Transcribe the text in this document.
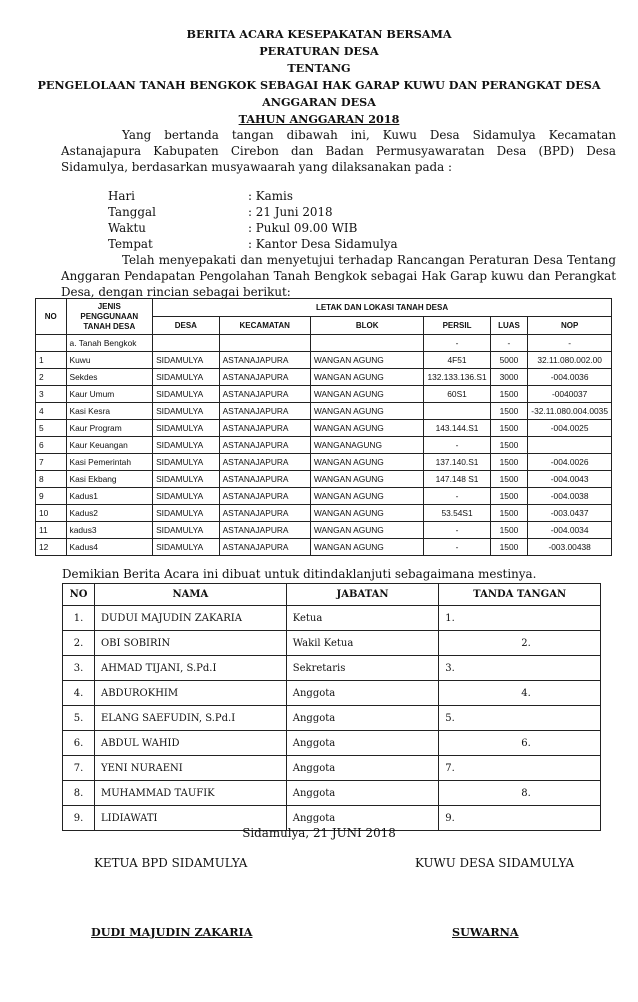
BERITA ACARA KESEPAKATAN BERSAMA
PERATURAN DESA
TENTANG
PENGELOLAAN TANAH BENGKOK SEBAGAI HAK GARAP KUWU DAN PERANGKAT DESA
ANGGARAN DESA
TAHUN ANGGARAN 2018
Yang bertanda tangan dibawah ini, Kuwu Desa Sidamulya Kecamatan Astanajapura Kabupaten Cirebon dan Badan Permusyawaratan Desa (BPD) Desa Sidamulya, berdasarkan musyawaarah yang dilaksanakan pada :
Hari	: Kamis
Tanggal	: 21 Juni 2018
Waktu	: Pukul 09.00 WIB
Tempat	: Kantor Desa Sidamulya
Telah menyepakati dan menyetujui terhadap Rancangan Peraturan Desa Tentang Anggaran Pendapatan Pengolahan Tanah Bengkok sebagai Hak Garap kuwu dan Perangkat Desa, dengan rincian sebagai berikut:
NO	JENIS PENGGUNAAN TANAH DESA	LETAK DAN LOKASI TANAH DESA					
		DESA	KECAMATAN	BLOK	PERSIL	LUAS	NOP
	a. Tanah Bengkok				-	-	-
1	Kuwu	SIDAMULYA	ASTANAJAPURA	WANGAN AGUNG	4F51	5000	32.11.080.002.00
2	Sekdes	SIDAMULYA	ASTANAJAPURA	WANGAN AGUNG	132.133.136.S1	3000	-004.0036
3	Kaur Umum	SIDAMULYA	ASTANAJAPURA	WANGAN AGUNG	60S1	1500	-0040037
4	Kasi Kesra	SIDAMULYA	ASTANAJAPURA	WANGAN AGUNG		1500	-32.11.080.004.0035
5	Kaur Program	SIDAMULYA	ASTANAJAPURA	WANGAN AGUNG	143.144.S1	1500	-004.0025
6	Kaur Keuangan	SIDAMULYA	ASTANAJAPURA	WANGANAGUNG	-	1500	
7	Kasi Pemerintah	SIDAMULYA	ASTANAJAPURA	WANGAN AGUNG	137.140.S1	1500	-004.0026
8	Kasi Ekbang	SIDAMULYA	ASTANAJAPURA	WANGAN AGUNG	147.148 S1	1500	-004.0043
9	Kadus1	SIDAMULYA	ASTANAJAPURA	WANGAN AGUNG	-	1500	-004.0038
10	Kadus2	SIDAMULYA	ASTANAJAPURA	WANGAN AGUNG	53.54S1	1500	-003.0437
11	kadus3	SIDAMULYA	ASTANAJAPURA	WANGAN AGUNG	-	1500	-004.0034
12	Kadus4	SIDAMULYA	ASTANAJAPURA	WANGAN AGUNG	-	1500	-003.00438
Demikian Berita Acara ini dibuat untuk ditindaklanjuti sebagaimana mestinya.
NO	NAMA	JABATAN	TANDA TANGAN
1.	DUDUI MAJUDIN ZAKARIA	Ketua	1.
2.	OBI SOBIRIN	Wakil Ketua	2.
3.	AHMAD TIJANI, S.Pd.I	Sekretaris	3.
4.	ABDUROKHIM	Anggota	4.
5.	ELANG SAEFUDIN, S.Pd.I	Anggota	5.
6.	ABDUL WAHID	Anggota	6.
7.	YENI NURAENI	Anggota	7.
8.	MUHAMMAD TAUFIK	Anggota	8.
9.	LIDIAWATI	Anggota	9.
Sidamulya, 21 JUNI 2018
KETUA BPD SIDAMULYA	KUWU DESA SIDAMULYA
DUDI MAJUDIN ZAKARIA	SUWARNA
